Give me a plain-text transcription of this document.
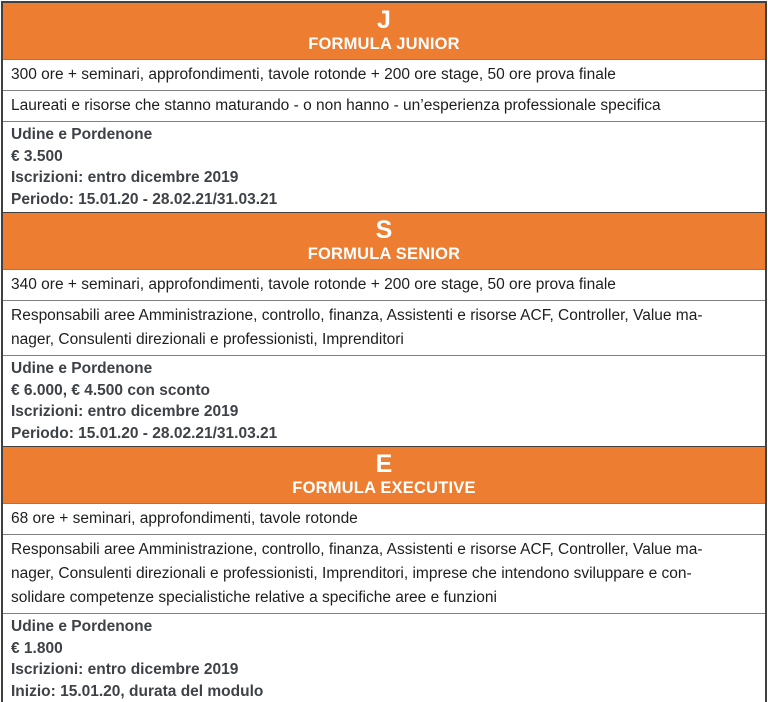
J
FORMULA JUNIOR
300 ore + seminari, approfondimenti, tavole rotonde + 200 ore stage, 50 ore prova finale
Laureati e risorse che stanno maturando - o non hanno - un’esperienza professionale specifica
Udine e Pordenone
€ 3.500
Iscrizioni: entro dicembre 2019
Periodo: 15.01.20 - 28.02.21/31.03.21
S
FORMULA SENIOR
340 ore + seminari, approfondimenti, tavole rotonde + 200 ore stage, 50 ore prova finale
Responsabili aree Amministrazione, controllo, finanza, Assistenti e risorse ACF, Controller, Value ma-
nager, Consulenti direzionali e professionisti, Imprenditori
Udine e Pordenone
€ 6.000, € 4.500 con sconto
Iscrizioni: entro dicembre 2019
Periodo: 15.01.20 - 28.02.21/31.03.21
E
FORMULA EXECUTIVE
68 ore + seminari, approfondimenti, tavole rotonde
Responsabili aree Amministrazione, controllo, finanza, Assistenti e risorse ACF, Controller, Value ma-
nager, Consulenti direzionali e professionisti, Imprenditori, imprese che intendono sviluppare e con-
solidare competenze specialistiche relative a specifiche aree e funzioni
Udine e Pordenone
€ 1.800
Iscrizioni: entro dicembre 2019
Inizio: 15.01.20, durata del modulo
